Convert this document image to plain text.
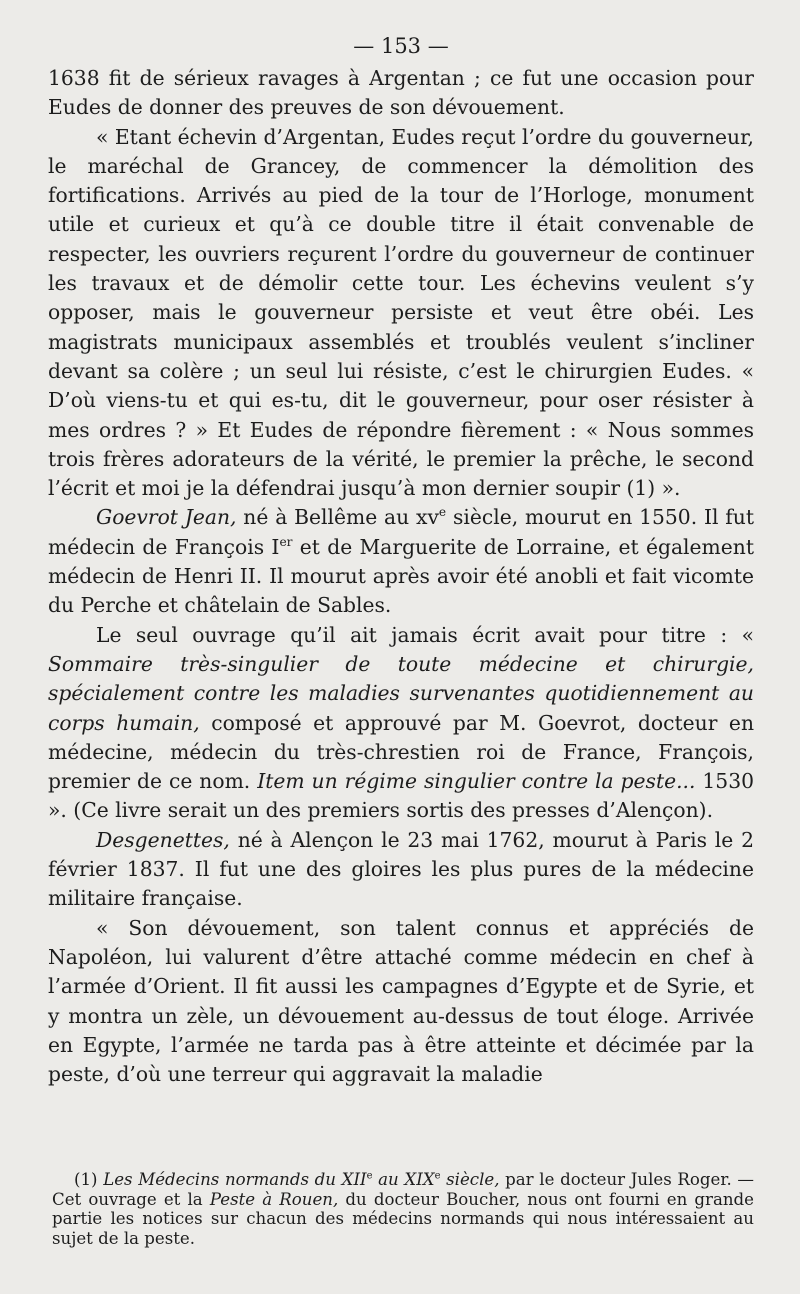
— 153 —

1638 fit de sérieux ravages à Argentan ; ce fut une occasion pour Eudes de donner des preuves de son dévouement.

« Etant échevin d’Argentan, Eudes reçut l’ordre du gouverneur, le maréchal de Grancey, de commencer la démolition des fortifications. Arrivés au pied de la tour de l’Horloge, monument utile et curieux et qu’à ce double titre il était convenable de respecter, les ouvriers reçurent l’ordre du gouverneur de continuer les travaux et de démolir cette tour. Les échevins veulent s’y opposer, mais le gouverneur persiste et veut être obéi. Les magistrats municipaux assemblés et troublés veulent s’incliner devant sa colère ; un seul lui résiste, c’est le chirurgien Eudes. « D’où viens-tu et qui es-tu, dit le gouverneur, pour oser résister à mes ordres ? » Et Eudes de répondre fièrement : « Nous sommes trois frères adorateurs de la vérité, le premier la prêche, le second l’écrit et moi je la défendrai jusqu’à mon dernier soupir (1) ».

Goevrot Jean, né à Bellême au $xv^e$ siècle, mourut en 1550. Il fut médecin de François Ier et de Marguerite de Lorraine, et également médecin de Henri II. Il mourut après avoir été anobli et fait vicomte du Perche et châtelain de Sables.

Le seul ouvrage qu’il ait jamais écrit avait pour titre : « Sommaire très-singulier de toute médecine et chirurgie, spécialement contre les maladies survenantes quotidiennement au corps humain, composé et approuvé par M. Goevrot, docteur en médecine, médecin du très-chrestien roi de France, François, premier de ce nom. Item un régime singulier contre la peste... 1530 ». (Ce livre serait un des premiers sortis des presses d’Alençon).

Desgenettes, né à Alençon le 23 mai 1762, mourut à Paris le 2 février 1837. Il fut une des gloires les plus pures de la médecine militaire française.

« Son dévouement, son talent connus et appréciés de Napoléon, lui valurent d’être attaché comme médecin en chef à l’armée d’Orient. Il fit aussi les campagnes d’Egypte et de Syrie, et y montra un zèle, un dévouement au-dessus de tout éloge. Arrivée en Egypte, l’armée ne tarda pas à être atteinte et décimée par la peste, d’où une terreur qui aggravait la maladie

(1) Les Médecins normands du XIIe au XIXe siècle, par le docteur Jules Roger. — Cet ouvrage et la Peste à Rouen, du docteur Boucher, nous ont fourni en grande partie les notices sur chacun des médecins normands qui nous intéressaient au sujet de la peste.
